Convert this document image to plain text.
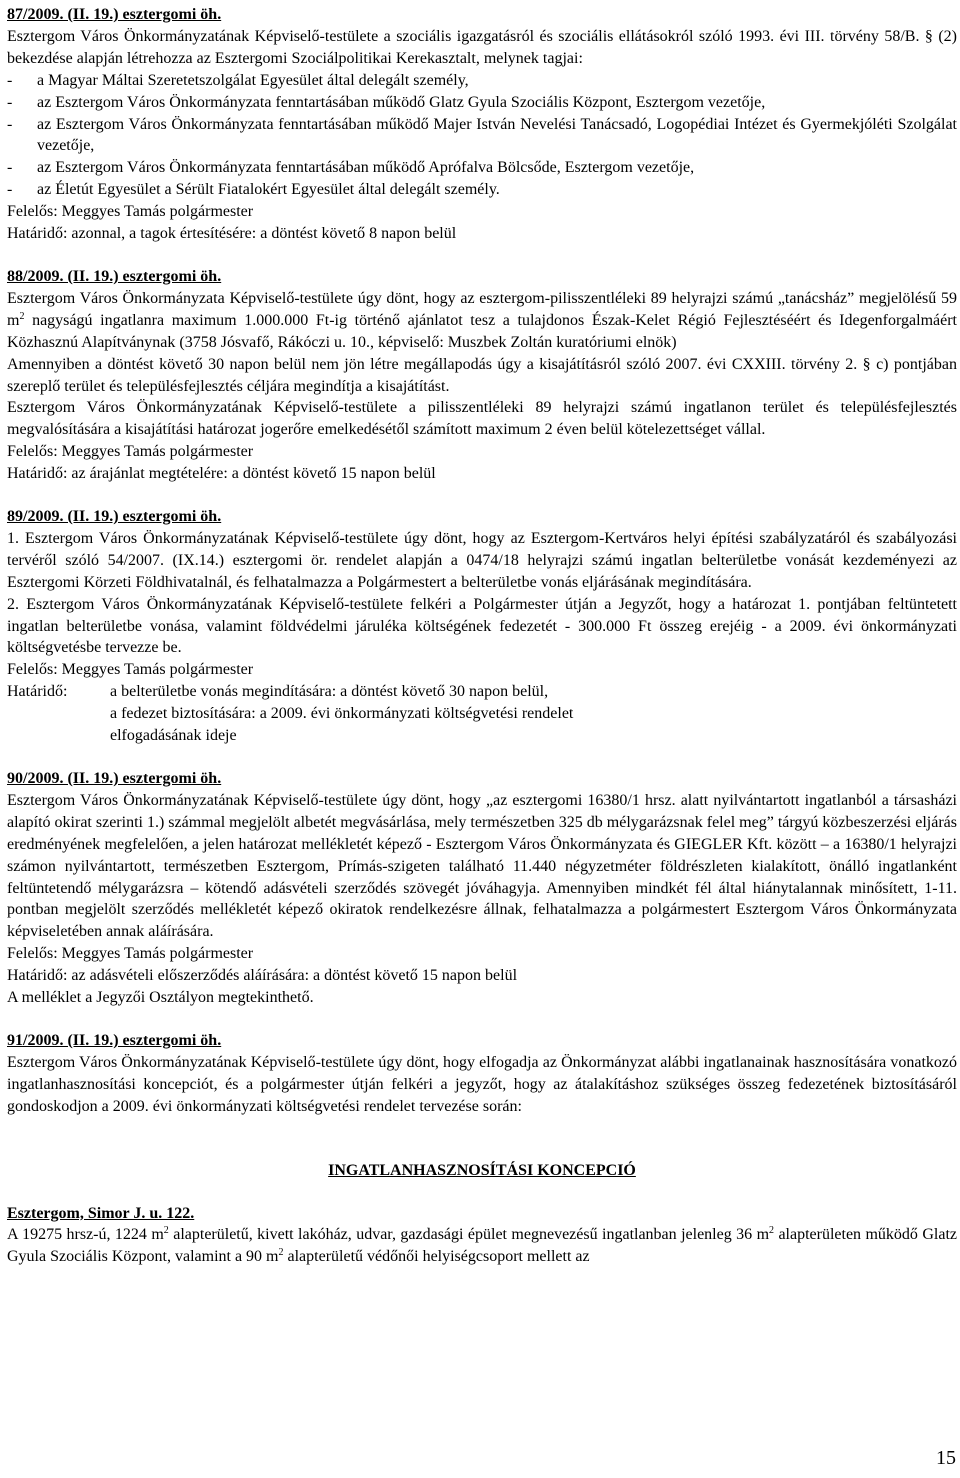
87/2009. (II. 19.) esztergomi öh.

Esztergom Város Önkormányzatának Képviselő-testülete a szociális igazgatásról és szociális ellátásokról szóló 1993. évi III. törvény 58/B. § (2) bekezdése alapján létrehozza az Esztergomi Szociálpolitikai Kerekasztalt, melynek tagjai:

- a Magyar Máltai Szeretetszolgálat Egyesület által delegált személy,

- az Esztergom Város Önkormányzata fenntartásában működő Glatz Gyula Szociális Központ, Esztergom vezetője,

- az Esztergom Város Önkormányzata fenntartásában működő Majer István Nevelési Tanácsadó, Logopédiai Intézet és Gyermekjóléti Szolgálat vezetője,

- az Esztergom Város Önkormányzata fenntartásában működő Aprófalva Bölcsőde, Esztergom vezetője,

- az Életút Egyesület a Sérült Fiatalokért Egyesület által delegált személy.

Felelős: Meggyes Tamás polgármester

Határidő: azonnal, a tagok értesítésére: a döntést követő 8 napon belül

88/2009. (II. 19.) esztergomi öh.

Esztergom Város Önkormányzata Képviselő-testülete úgy dönt, hogy az esztergom-pilisszentléleki 89 helyrajzi számú „tanácsház” megjelölésű 59 $m^2$ nagyságú ingatlanra maximum 1.000.000 Ft-ig történő ajánlatot tesz a tulajdonos Észak-Kelet Régió Fejlesztéséért és Idegenforgalmáért Közhasznú Alapítványnak (3758 Jósvafő, Rákóczi u. 10., képviselő: Muszbek Zoltán kuratóriumi elnök)

Amennyiben a döntést követő 30 napon belül nem jön létre megállapodás úgy a kisajátításról szóló 2007. évi CXXIII. törvény 2. § c) pontjában szereplő terület és településfejlesztés céljára megindítja a kisajátítást.

Esztergom Város Önkormányzatának Képviselő-testülete a pilisszentléleki 89 helyrajzi számú ingatlanon terület és településfejlesztés megvalósítására a kisajátítási határozat jogerőre emelkedésétől számított maximum 2 éven belül kötelezettséget vállal.

Felelős: Meggyes Tamás polgármester

Határidő: az árajánlat megtételére: a döntést követő 15 napon belül

89/2009. (II. 19.) esztergomi öh.

1. Esztergom Város Önkormányzatának Képviselő-testülete úgy dönt, hogy az Esztergom-Kertváros helyi építési szabályzatáról és szabályozási tervéről szóló 54/2007. (IX.14.) esztergomi ör. rendelet alapján a 0474/18 helyrajzi számú ingatlan belterületbe vonását kezdeményezi az Esztergomi Körzeti Földhivatalnál, és felhatalmazza a Polgármestert a belterületbe vonás eljárásának megindítására.

2. Esztergom Város Önkormányzatának Képviselő-testülete felkéri a Polgármester útján a Jegyzőt, hogy a határozat 1. pontjában feltüntetett ingatlan belterületbe vonása, valamint földvédelmi járuléka költségének fedezetét - 300.000 Ft összeg erejéig - a 2009. évi önkormányzati költségvetésbe tervezze be.

Felelős: Meggyes Tamás polgármester

Határidő:	a belterületbe vonás megindítására: a döntést követő 30 napon belül,

a fedezet biztosítására: a 2009. évi önkormányzati költségvetési rendelet

elfogadásának ideje

90/2009. (II. 19.) esztergomi öh.

Esztergom Város Önkormányzatának Képviselő-testülete úgy dönt, hogy „az esztergomi 16380/1 hrsz. alatt nyilvántartott ingatlanból a társasházi alapító okirat szerinti 1.) számmal megjelölt albetét megvásárlása, mely természetben 325 db mélygarázsnak felel meg” tárgyú közbeszerzési eljárás eredményének megfelelően, a jelen határozat mellékletét képező - Esztergom Város Önkormányzata és GIEGLER Kft. között – a 16380/1 helyrajzi számon nyilvántartott, természetben Esztergom, Prímás-szigeten található 11.440 négyzetméter földrészleten kialakított, önálló ingatlanként feltüntetendő mélygarázsra – kötendő adásvételi szerződés szövegét jóváhagyja. Amennyiben mindkét fél által hiánytalannak minősített, 1-11. pontban megjelölt szerződés mellékletét képező okiratok rendelkezésre állnak, felhatalmazza a polgármestert Esztergom Város Önkormányzata képviseletében annak aláírására.

Felelős: Meggyes Tamás polgármester

Határidő: az adásvételi előszerződés aláírására: a döntést követő 15 napon belül

A melléklet a Jegyzői Osztályon megtekinthető.

91/2009. (II. 19.) esztergomi öh.

Esztergom Város Önkormányzatának Képviselő-testülete úgy dönt, hogy elfogadja az Önkormányzat alábbi ingatlanainak hasznosítására vonatkozó ingatlanhasznosítási koncepciót, és a polgármester útján felkéri a jegyzőt, hogy az átalakításhoz szükséges összeg fedezetének biztosításáról gondoskodjon a 2009. évi önkormányzati költségvetési rendelet tervezése során:

INGATLANHASZNOSÍTÁSI KONCEPCIÓ

Esztergom, Simor J. u. 122.

A 19275 hrsz-ú, 1224 $m^2$ alapterületű, kivett lakóház, udvar, gazdasági épület megnevezésű ingatlanban jelenleg 36 $m^2$ alapterületen működő Glatz Gyula Szociális Központ, valamint a 90 $m^2$ alapterületű védőnői helyiségcsoport mellett az

15
